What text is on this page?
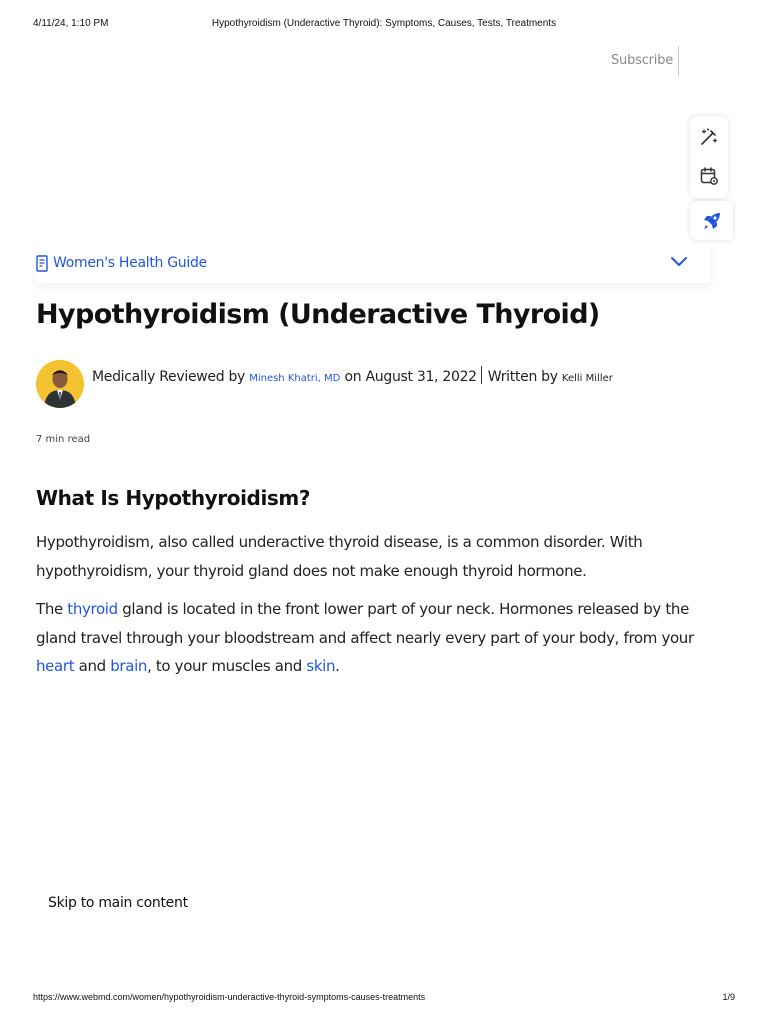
4/11/24, 1:10 PM	Hypothyroidism (Underactive Thyroid): Symptoms, Causes, Tests, Treatments
Subscribe
Women's Health Guide
Hypothyroidism (Underactive Thyroid)
Medically Reviewed by Minesh Khatri, MD on August 31, 2022 Written by Kelli Miller
7 min read
What Is Hypothyroidism?

Hypothyroidism, also called underactive thyroid disease, is a common disorder. With hypothyroidism, your thyroid gland does not make enough thyroid hormone.

The thyroid gland is located in the front lower part of your neck. Hormones released by the gland travel through your bloodstream and affect nearly every part of your body, from your heart and brain, to your muscles and skin.

Skip to main content
https://www.webmd.com/women/hypothyroidism-underactive-thyroid-symptoms-causes-treatments	1/9
